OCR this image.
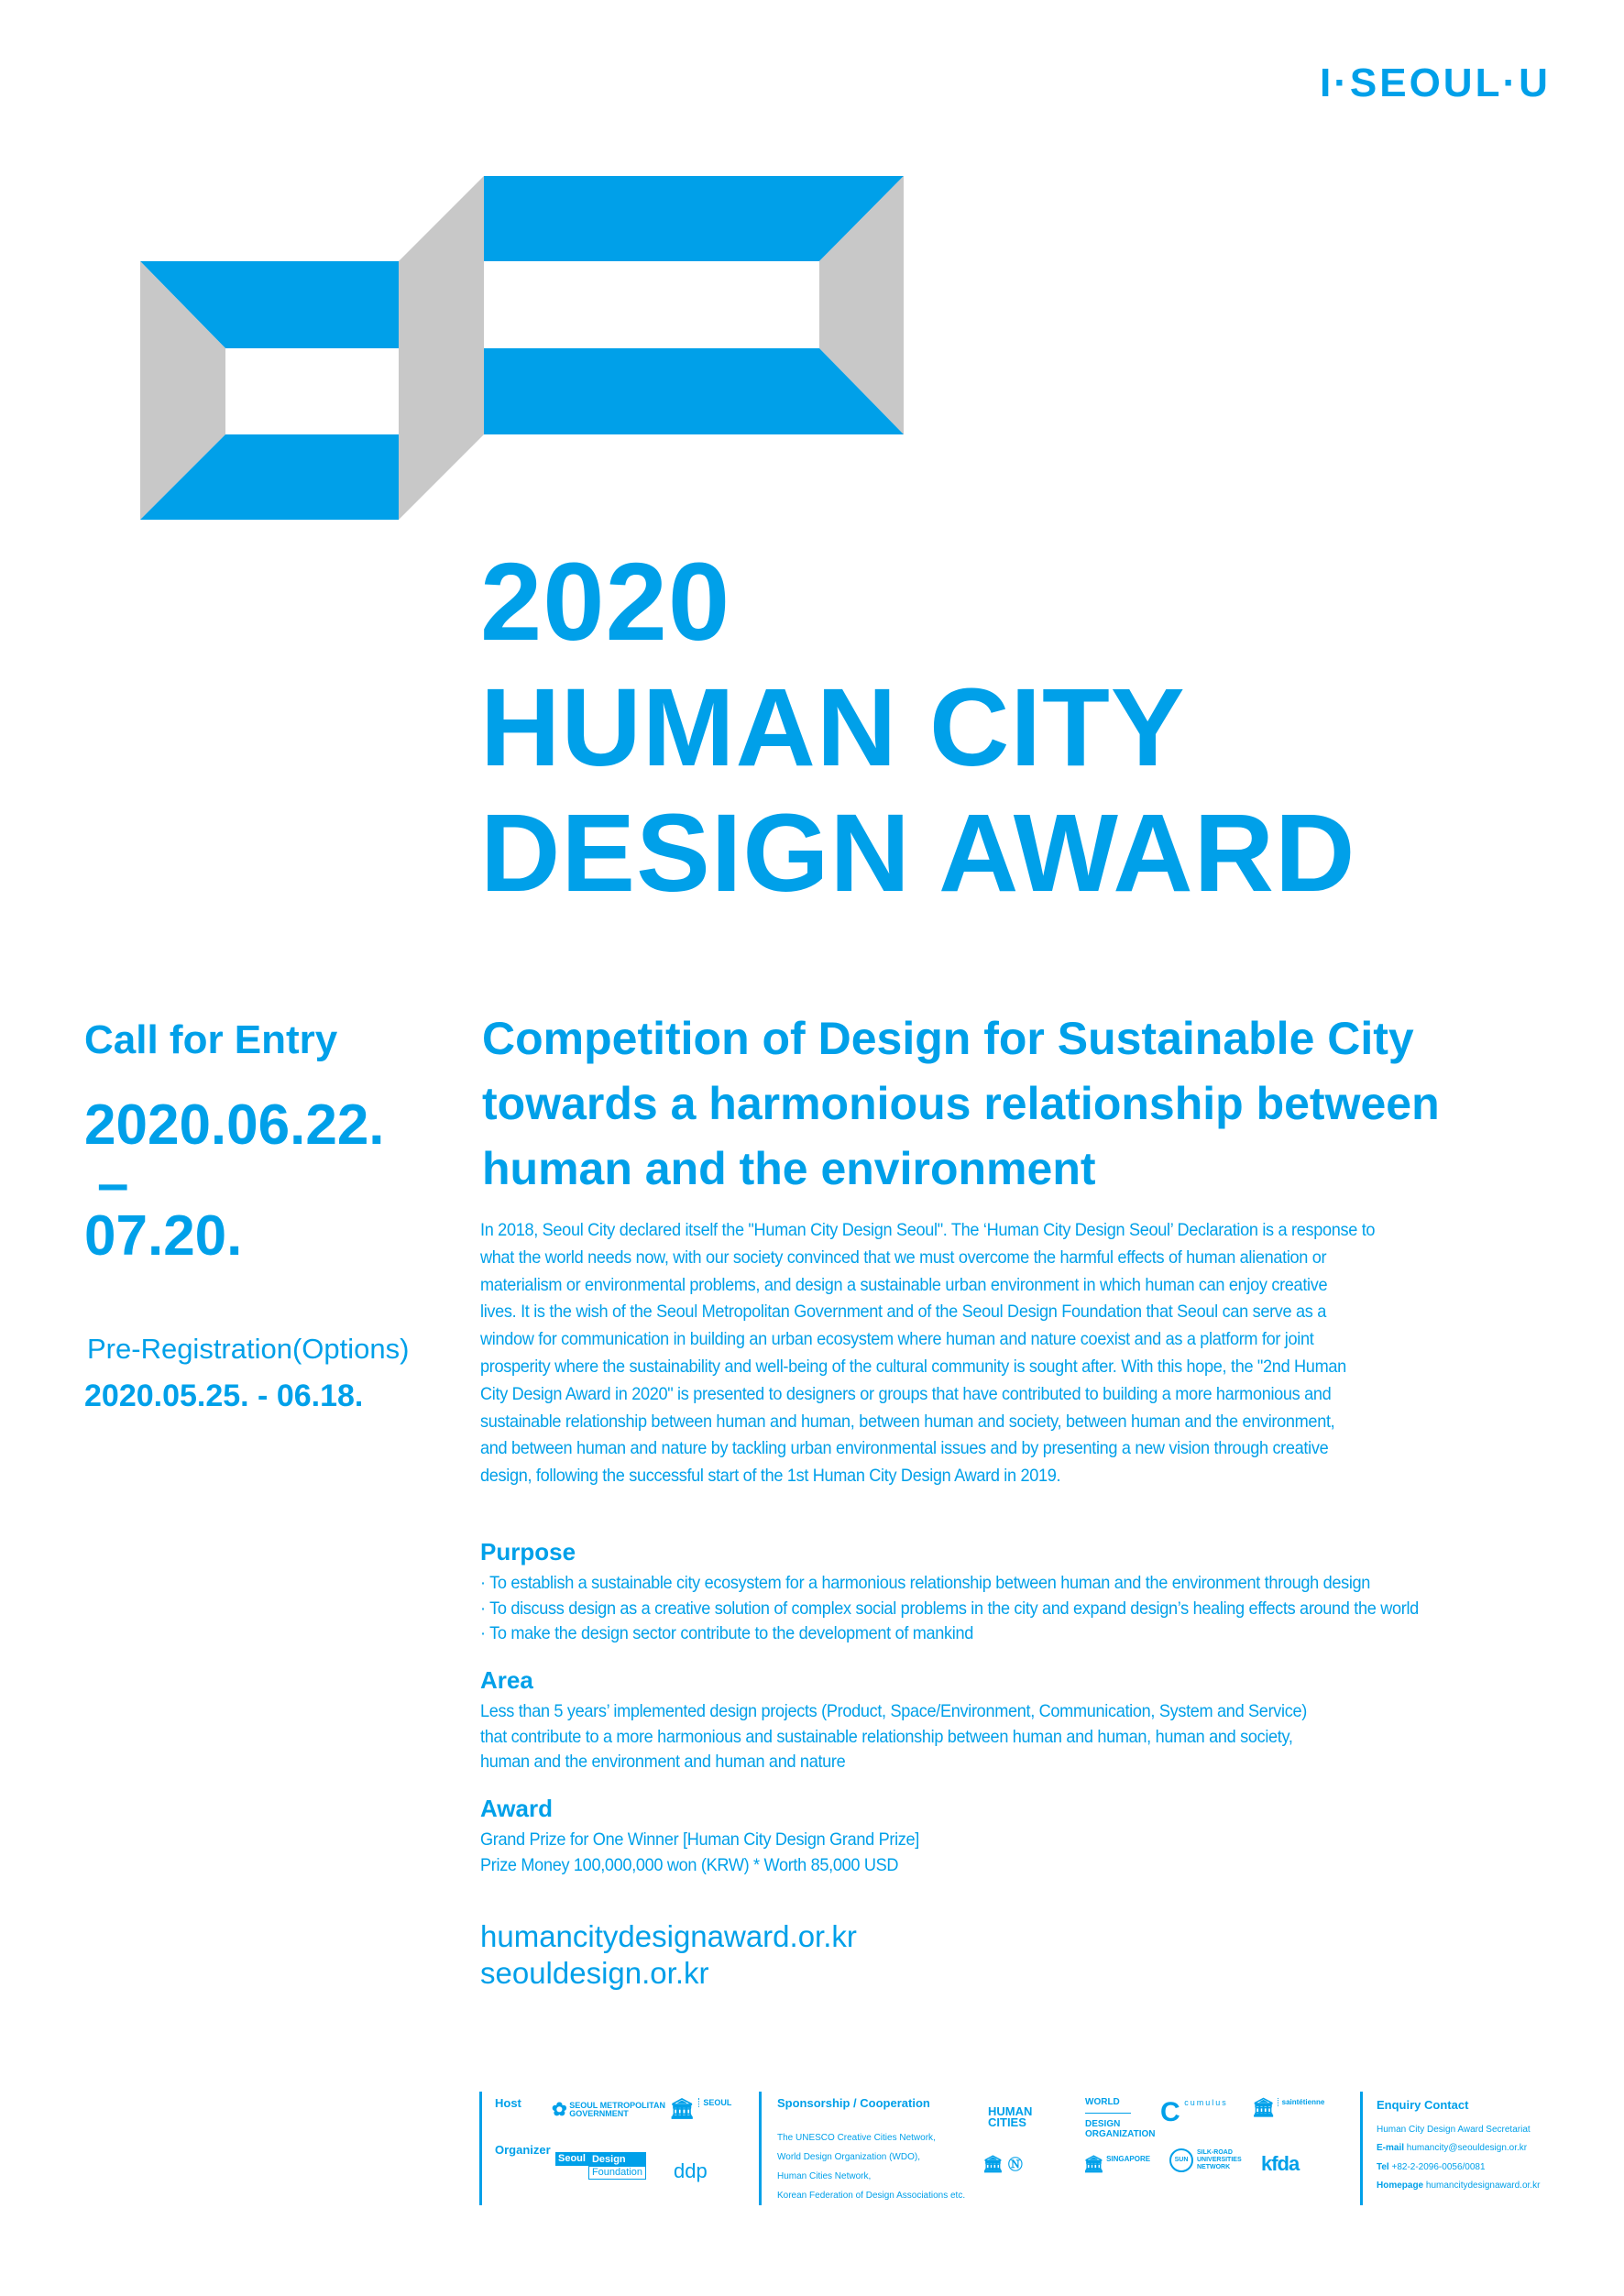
I·SEOUL·U
2020
HUMAN CITY
DESIGN AWARD
Call for Entry
2020.06.22.
–
07.20.
Pre-Registration(Options)
2020.05.25. - 06.18.
Competition of Design for Sustainable City
towards a harmonious relationship between
human and the environment
In 2018, Seoul City declared itself the "Human City Design Seoul". The ‘Human City Design Seoul’ Declaration is a response to
what the world needs now, with our society convinced that we must overcome the harmful effects of human alienation or
materialism or environmental problems, and design a sustainable urban environment in which human can enjoy creative
lives. It is the wish of the Seoul Metropolitan Government and of the Seoul Design Foundation that Seoul can serve as a
window for communication in building an urban ecosystem where human and nature coexist and as a platform for joint
prosperity where the sustainability and well-being of the cultural community is sought after. With this hope, the "2nd Human
City Design Award in 2020" is presented to designers or groups that have contributed to building a more harmonious and
sustainable relationship between human and human, between human and society, between human and the environment,
and between human and nature by tackling urban environmental issues and by presenting a new vision through creative
design, following the successful start of the 1st Human City Design Award in 2019.
Purpose
· To establish a sustainable city ecosystem for a harmonious relationship between human and the environment through design
· To discuss design as a creative solution of complex social problems in the city and expand design’s healing effects around the world
· To make the design sector contribute to the development of mankind
Area
Less than 5 years’ implemented design projects (Product, Space/Environment, Communication, System and Service)
that contribute to a more harmonious and sustainable relationship between human and human, human and society,
human and the environment and human and nature
Award
Grand Prize for One Winner [Human City Design Grand Prize]
Prize Money 100,000,000 won (KRW) * Worth 85,000 USD
humancitydesignaward.or.kr
seouldesign.or.kr
Host
Organizer
✿ SEOUL METROPOLITAN
GOVERNMENT	🏛 $^{SEOUL}$
Seoul Design
Foundation ddp
Sponsorship / Cooperation
The UNESCO Creative Cities Network,
World Design Organization (WDO),
Human Cities Network,
Korean Federation of Design Associations etc.
HUMAN
CITIES
WORLD
DESIGN
ORGANIZATION
C cumulus 🏛 saintétienne
🏛 Ⓝ	🏛 SINGAPORE	SUN
SILK-ROAD
UNIVERSITIES
NETWORK	kfda
Enquiry Contact
Human City Design Award Secretariat
E-mail humancity@seouldesign.or.kr
Tel +82-2-2096-0056/0081
Homepage humancitydesignaward.or.kr
